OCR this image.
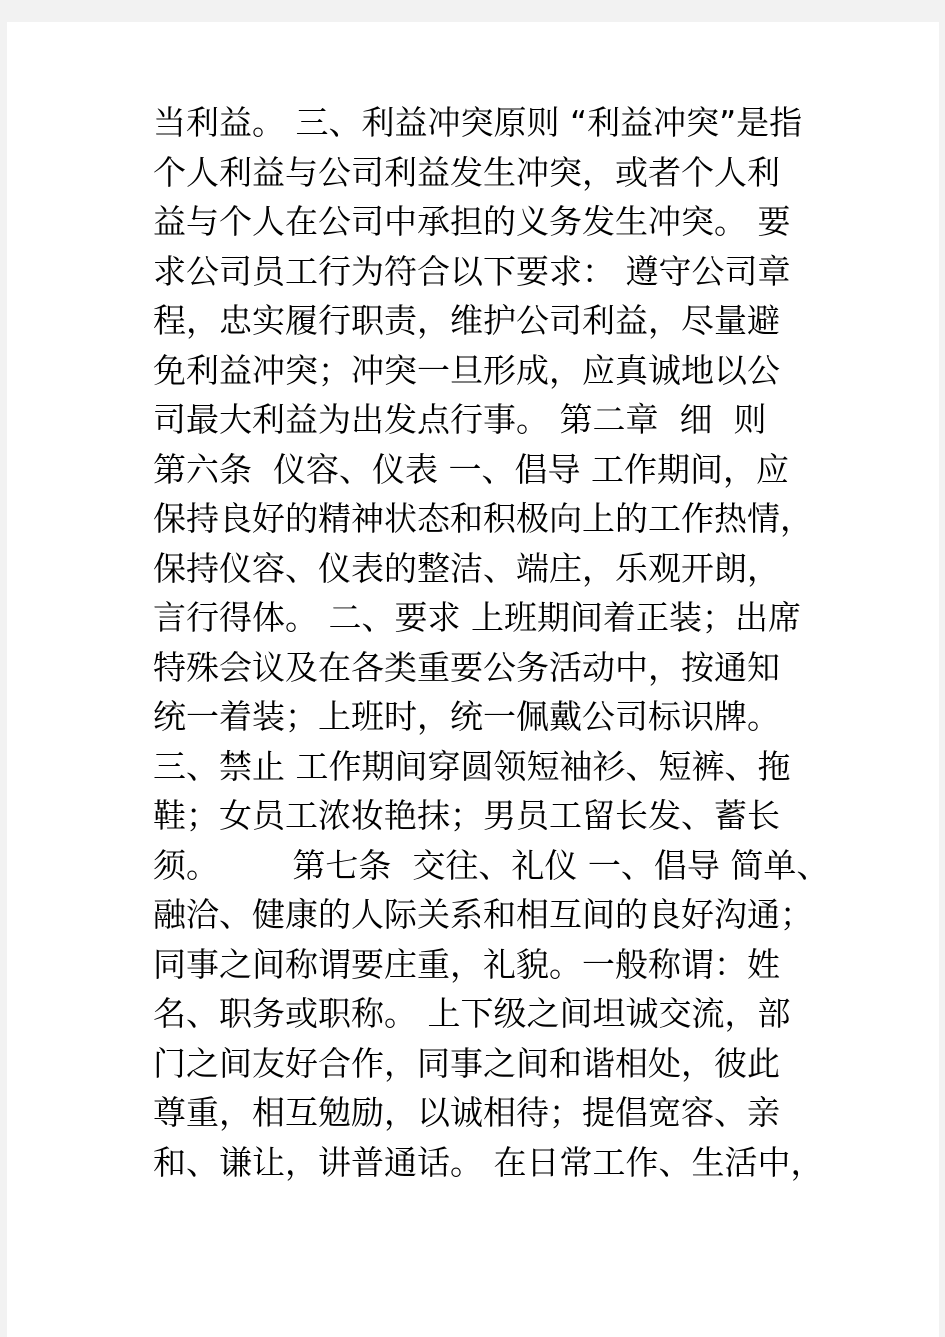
当利益。 三、利益冲突原则 “利益冲突”是指
个人利益与公司利益发生冲突，或者个人利
益与个人在公司中承担的义务发生冲突。 要
求公司员工行为符合以下要求： 遵守公司章
程，忠实履行职责，维护公司利益，尽量避
免利益冲突；冲突一旦形成，应真诚地以公
司最大利益为出发点行事。 第二章  细  则
第六条  仪容、仪表 一、倡导 工作期间，应
保持良好的精神状态和积极向上的工作热情，
保持仪容、仪表的整洁、端庄，乐观开朗，
言行得体。 二、要求 上班期间着正装；出席
特殊会议及在各类重要公务活动中，按通知
统一着装；上班时，统一佩戴公司标识牌。
三、禁止 工作期间穿圆领短袖衫、短裤、拖
鞋；女员工浓妆艳抹；男员工留长发、蓄长
须。       第七条  交往、礼仪 一、倡导 简单、
融洽、健康的人际关系和相互间的良好沟通；
同事之间称谓要庄重，礼貌。一般称谓：姓
名、职务或职称。 上下级之间坦诚交流，部
门之间友好合作，同事之间和谐相处，彼此
尊重，相互勉励，以诚相待；提倡宽容、亲
和、谦让，讲普通话。 在日常工作、生活中，
